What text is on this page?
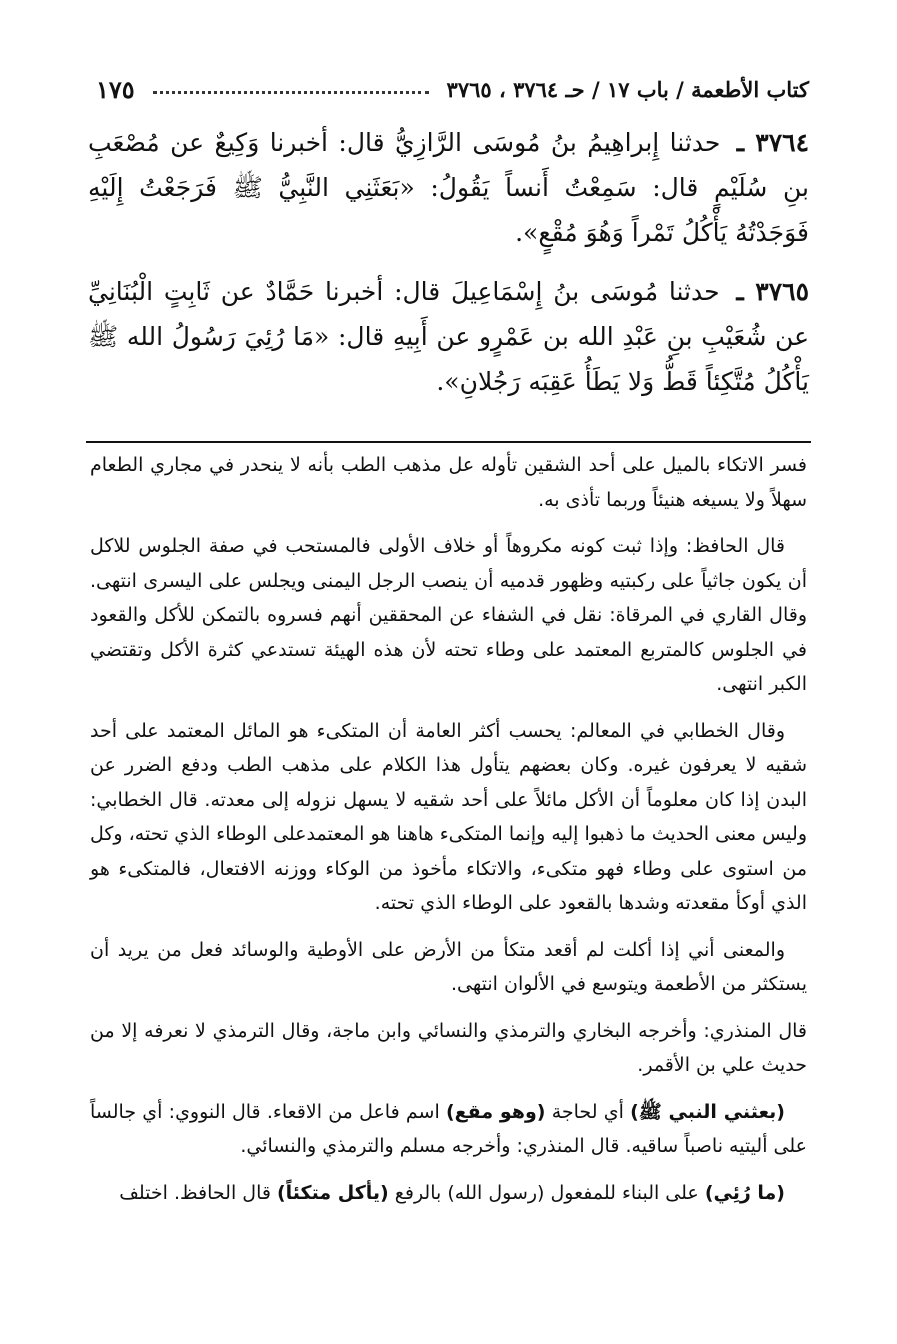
كتاب الأطعمة / باب ١٧ / حـ ٣٧٦٤ ، ٣٧٦٥
١٧٥

٣٧٦٤ ـ حدثنا إِبراهِيمُ بنُ مُوسَى الرَّازِيُّ قال: أخبرنا وَكِيعٌ عن مُصْعَبِ بنِ سُلَيْمٍ قال: سَمِعْتُ أَنساً يَقُولُ: «بَعَثَنِي النَّبِيُّ ﷺ فَرَجَعْتُ إِلَيْهِ فَوَجَدْتُهُ يَأْكُلُ تَمْراً وَهُوَ مُقْعٍ».

٣٧٦٥ ـ حدثنا مُوسَى بنُ إِسْمَاعِيلَ قال: أخبرنا حَمَّادٌ عن ثَابِتٍ الْبُنَانِيِّ عن شُعَيْبِ بنِ عَبْدِ الله بن عَمْرٍو عن أَبِيهِ قال: «مَا رُئِيَ رَسُولُ الله ﷺ يَأْكُلُ مُتَّكِئاً قَطُّ وَلا يَطَأُ عَقِبَه رَجُلانِ».

فسر الاتكاء بالميل على أحد الشقين تأوله عل مذهب الطب بأنه لا ينحدر في مجاري الطعام سهلاً ولا يسيغه هنيئاً وربما تأذى به.

قال الحافظ: وإذا ثبت كونه مكروهاً أو خلاف الأولى فالمستحب في صفة الجلوس للاكل أن يكون جاثياً على ركبتيه وظهور قدميه أن ينصب الرجل اليمنى ويجلس على اليسرى انتهى. وقال القاري في المرقاة: نقل في الشفاء عن المحققين أنهم فسروه بالتمكن للأكل والقعود في الجلوس كالمتربع المعتمد على وطاء تحته لأن هذه الهيئة تستدعي كثرة الأكل وتقتضي الكبر انتهى.

وقال الخطابي في المعالم: يحسب أكثر العامة أن المتكىء هو المائل المعتمد على أحد شقيه لا يعرفون غيره. وكان بعضهم يتأول هذا الكلام على مذهب الطب ودفع الضرر عن البدن إذا كان معلوماً أن الأكل مائلاً على أحد شقيه لا يسهل نزوله إلى معدته. قال الخطابي: وليس معنى الحديث ما ذهبوا إليه وإنما المتكىء هاهنا هو المعتمدعلى الوطاء الذي تحته، وكل من استوى على وطاء فهو متكىء، والاتكاء مأخوذ من الوكاء ووزنه الافتعال، فالمتكىء هو الذي أوكأ مقعدته وشدها بالقعود على الوطاء الذي تحته.

والمعنى أني إذا أكلت لم أقعد متكأ من الأرض على الأوطية والوسائد فعل من يريد أن يستكثر من الأطعمة ويتوسع في الألوان انتهى.

قال المنذري: وأخرجه البخاري والترمذي والنسائي وابن ماجة، وقال الترمذي لا نعرفه إلا من حديث علي بن الأقمر.

(بعثني النبي ﷺ) أي لحاجة (وهو مقع) اسم فاعل من الاقعاء. قال النووي: أي جالساً على أليتيه ناصباً ساقيه. قال المنذري: وأخرجه مسلم والترمذي والنسائي.

(ما رُئِي) على البناء للمفعول (رسول الله) بالرفع (يأكل متكئاً) قال الحافظ. اختلف
